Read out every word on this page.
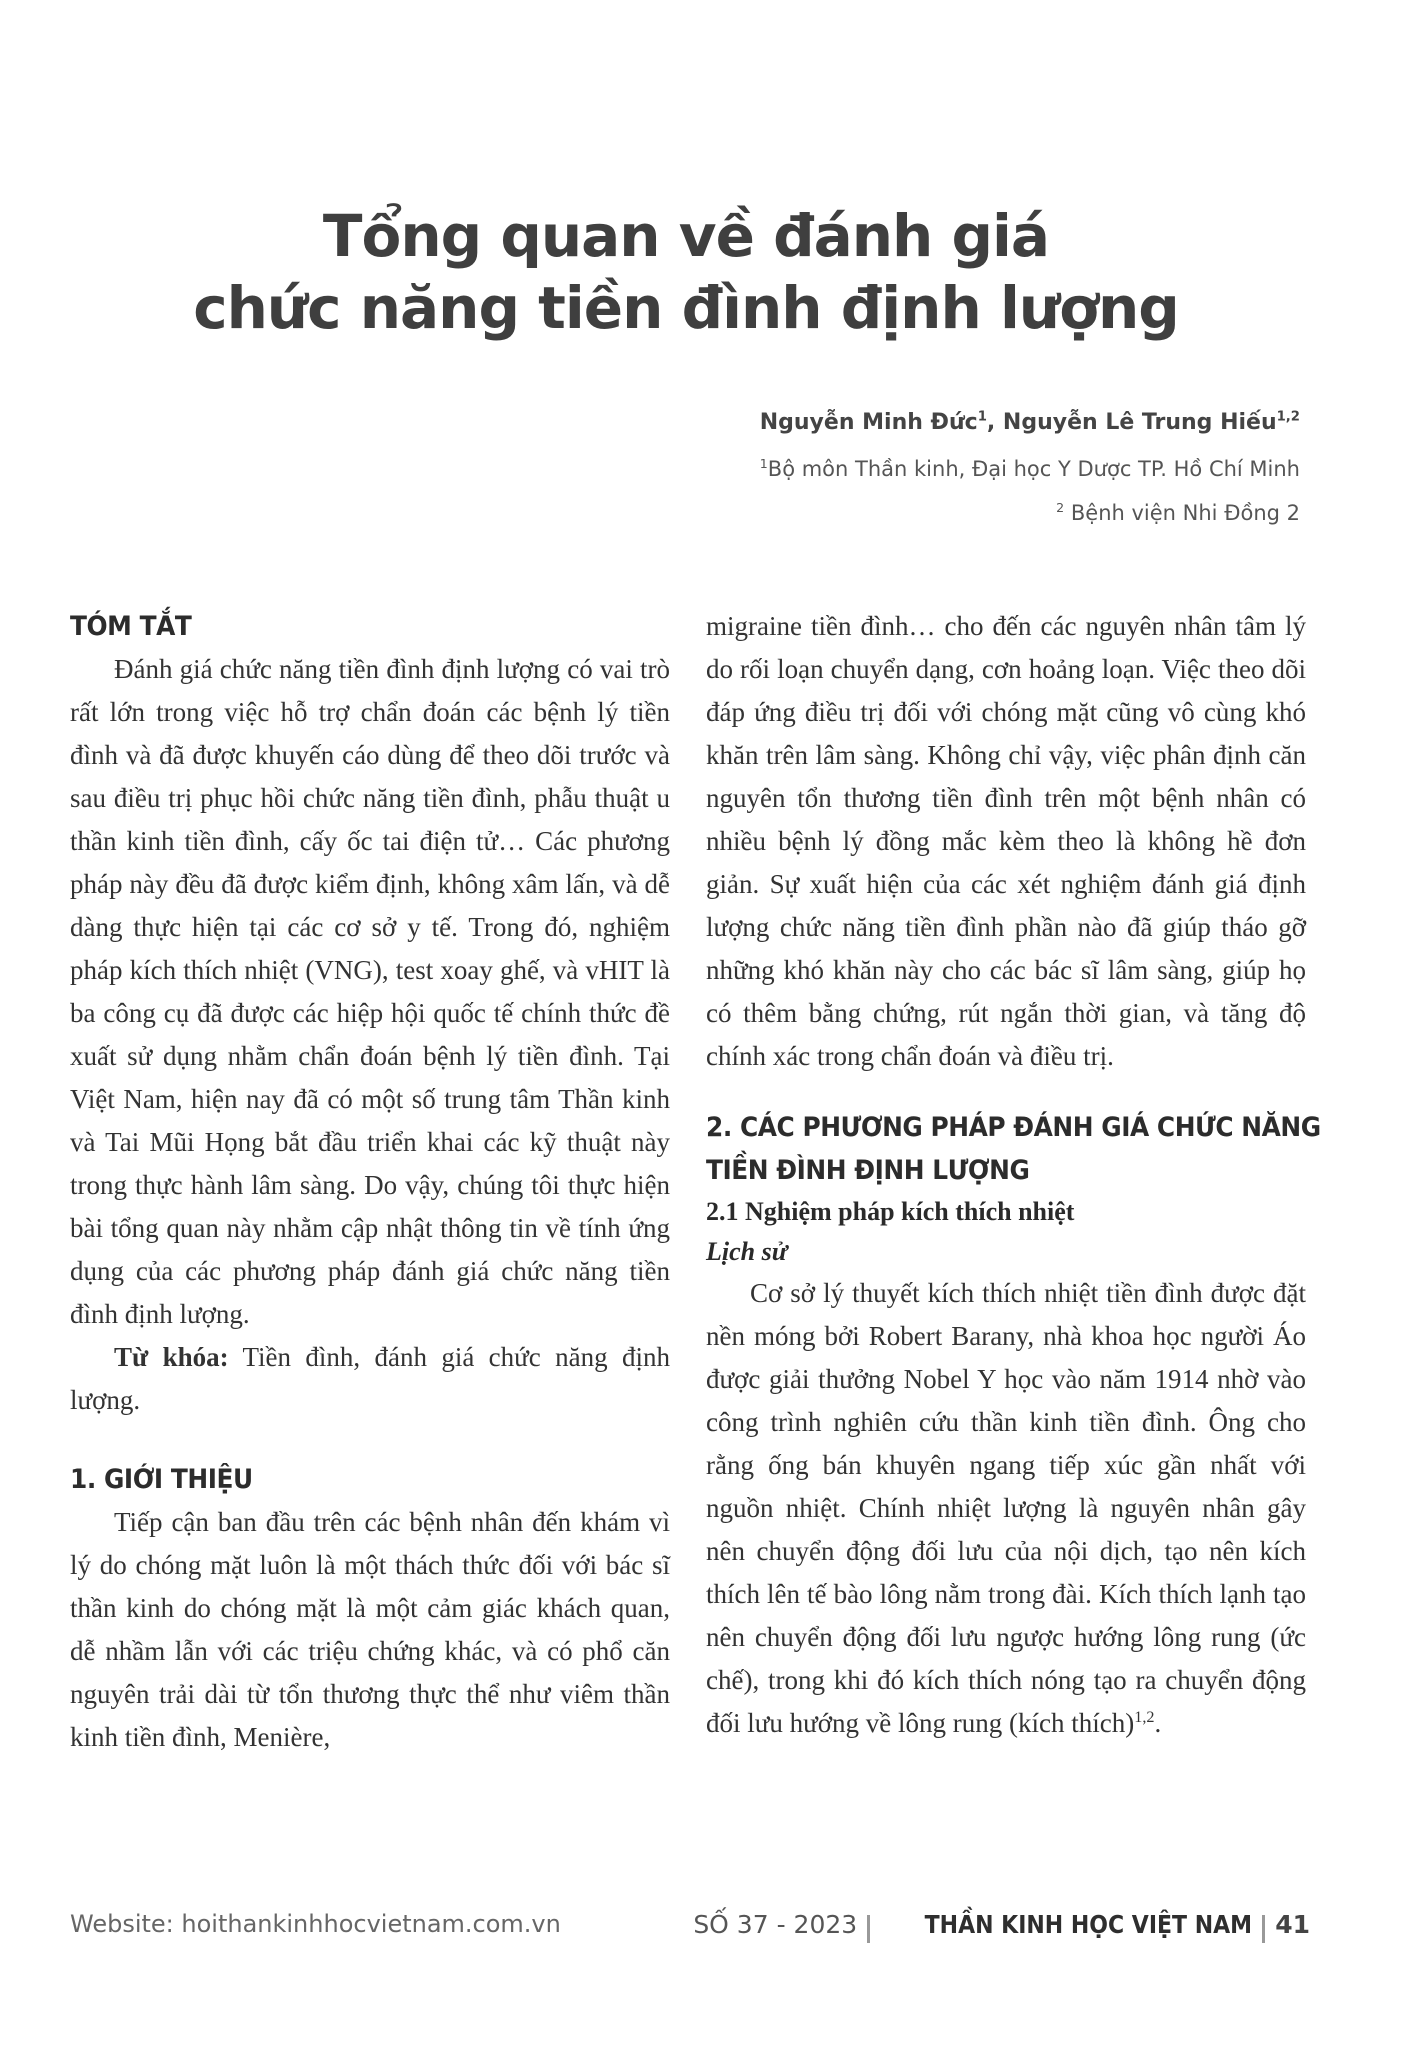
Tổng quan về đánh giá
chức năng tiền đình định lượng
Nguyễn Minh Đức$^1$, Nguyễn Lê Trung Hiếu$^{1,2}$
$^1$Bộ môn Thần kinh, Đại học Y Dược TP. Hồ Chí Minh
$^2$ Bệnh viện Nhi Đồng 2
TÓM TẮT

Đánh giá chức năng tiền đình định lượng có vai trò rất lớn trong việc hỗ trợ chẩn đoán các bệnh lý tiền đình và đã được khuyến cáo dùng để theo dõi trước và sau điều trị phục hồi chức năng tiền đình, phẫu thuật u thần kinh tiền đình, cấy ốc tai điện tử… Các phương pháp này đều đã được kiểm định, không xâm lấn, và dễ dàng thực hiện tại các cơ sở y tế. Trong đó, nghiệm pháp kích thích nhiệt (VNG), test xoay ghế, và vHIT là ba công cụ đã được các hiệp hội quốc tế chính thức đề xuất sử dụng nhằm chẩn đoán bệnh lý tiền đình. Tại Việt Nam, hiện nay đã có một số trung tâm Thần kinh và Tai Mũi Họng bắt đầu triển khai các kỹ thuật này trong thực hành lâm sàng. Do vậy, chúng tôi thực hiện bài tổng quan này nhằm cập nhật thông tin về tính ứng dụng của các phương pháp đánh giá chức năng tiền đình định lượng.

Từ khóa: Tiền đình, đánh giá chức năng định lượng.

1. GIỚI THIỆU

Tiếp cận ban đầu trên các bệnh nhân đến khám vì lý do chóng mặt luôn là một thách thức đối với bác sĩ thần kinh do chóng mặt là một cảm giác khách quan, dễ nhầm lẫn với các triệu chứng khác, và có phổ căn nguyên trải dài từ tổn thương thực thể như viêm thần kinh tiền đình, Menière,

migraine tiền đình… cho đến các nguyên nhân tâm lý do rối loạn chuyển dạng, cơn hoảng loạn. Việc theo dõi đáp ứng điều trị đối với chóng mặt cũng vô cùng khó khăn trên lâm sàng. Không chỉ vậy, việc phân định căn nguyên tổn thương tiền đình trên một bệnh nhân có nhiều bệnh lý đồng mắc kèm theo là không hề đơn giản. Sự xuất hiện của các xét nghiệm đánh giá định lượng chức năng tiền đình phần nào đã giúp tháo gỡ những khó khăn này cho các bác sĩ lâm sàng, giúp họ có thêm bằng chứng, rút ngắn thời gian, và tăng độ chính xác trong chẩn đoán và điều trị.

2. CÁC PHƯƠNG PHÁP ĐÁNH GIÁ CHỨC NĂNG
TIỀN ĐÌNH ĐỊNH LƯỢNG

2.1 Nghiệm pháp kích thích nhiệt

Lịch sử

Cơ sở lý thuyết kích thích nhiệt tiền đình được đặt nền móng bởi Robert Barany, nhà khoa học người Áo được giải thưởng Nobel Y học vào năm 1914 nhờ vào công trình nghiên cứu thần kinh tiền đình. Ông cho rằng ống bán khuyên ngang tiếp xúc gần nhất với nguồn nhiệt. Chính nhiệt lượng là nguyên nhân gây nên chuyển động đối lưu của nội dịch, tạo nên kích thích lên tế bào lông nằm trong đài. Kích thích lạnh tạo nên chuyển động đối lưu ngược hướng lông rung (ức chế), trong khi đó kích thích nóng tạo ra chuyển động đối lưu hướng về lông rung (kích thích)$^{1,2}$.

Website: hoithankinhhocvietnam.com.vn	SỐ 37 - 2023	THẦN KINH HỌC VIỆT NAM 41
